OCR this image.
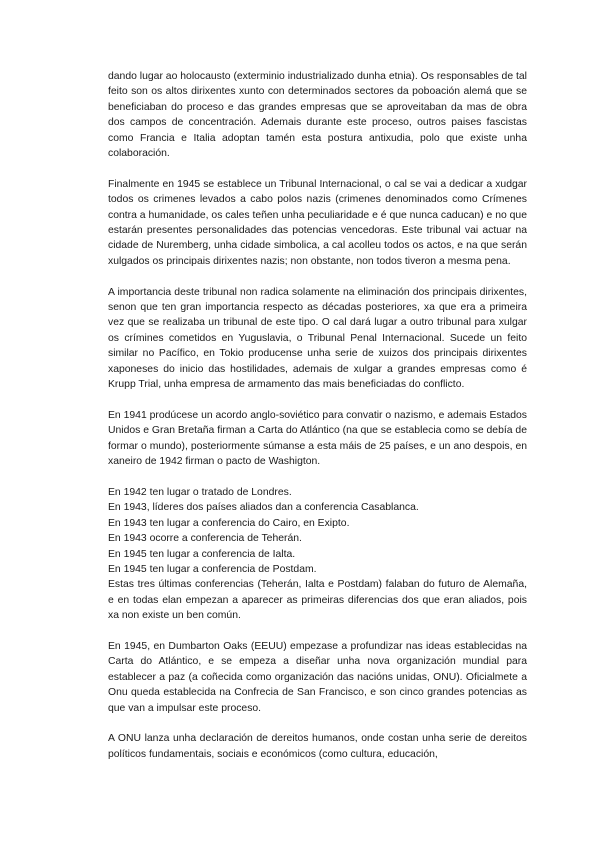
dando lugar ao holocausto (exterminio industrializado dunha etnia). Os responsables de tal feito son os altos dirixentes xunto con determinados sectores da poboación alemá que se beneficiaban do proceso e das grandes empresas que se aproveitaban da mas de obra dos campos de concentración. Ademais durante este proceso, outros paises fascistas como Francia e Italia adoptan tamén esta postura antixudia, polo que existe unha colaboración.

Finalmente en 1945 se establece un Tribunal Internacional, o cal se vai a dedicar a xudgar todos os crimenes levados a cabo polos nazis (crimenes denominados como Crímenes contra a humanidade, os cales teñen unha peculiaridade e é que nunca caducan) e no que estarán presentes personalidades das potencias vencedoras. Este tribunal vai actuar na cidade de Nuremberg, unha cidade simbolica, a cal acolleu todos os actos, e na que serán xulgados os principais dirixentes nazis; non obstante, non todos tiveron a mesma pena.

A importancia deste tribunal non radica solamente na eliminación dos principais dirixentes, senon que ten gran importancia respecto as décadas posteriores, xa que era a primeira vez que se realizaba un tribunal de este tipo. O cal dará lugar a outro tribunal para xulgar os crímines cometidos en Yuguslavia, o Tribunal Penal Internacional. Sucede un feito similar no Pacífico, en Tokio producense unha serie de xuizos dos principais dirixentes xaponeses do inicio das hostilidades, ademais de xulgar a grandes empresas como é Krupp Trial, unha empresa de armamento das mais beneficiadas do conflicto.

En 1941 prodúcese un acordo anglo-soviético para convatir o nazismo, e ademais Estados Unidos e Gran Bretaña firman a Carta do Atlántico (na que se establecia como se debía de formar o mundo), posteriormente súmanse a esta máis de 25 países, e un ano despois, en xaneiro de 1942 firman o pacto de Washigton.

En 1942 ten lugar o tratado de Londres.
En 1943, líderes dos países aliados dan a conferencia Casablanca.
En 1943 ten lugar a conferencia do Cairo, en Exipto.
En 1943 ocorre a conferencia de Teherán.
En 1945 ten lugar a conferencia de Ialta.
En 1945 ten lugar a conferencia de Postdam.

Estas tres últimas conferencias (Teherán, Ialta e Postdam) falaban do futuro de Alemaña, e en todas elan empezan a aparecer as primeiras diferencias dos que eran aliados, pois xa non existe un ben común.

En 1945, en Dumbarton Oaks (EEUU) empezase a profundizar nas ideas establecidas na Carta do Atlántico, e se empeza a diseñar unha nova organización mundial para establecer a paz (a coñecida como organización das nacións unidas, ONU). Oficialmete a Onu queda establecida na Confrecia de San Francisco, e son cinco grandes potencias as que van a impulsar este proceso.

A ONU lanza unha declaración de dereitos humanos, onde costan unha serie de dereitos políticos fundamentais, sociais e económicos (como cultura, educación,
